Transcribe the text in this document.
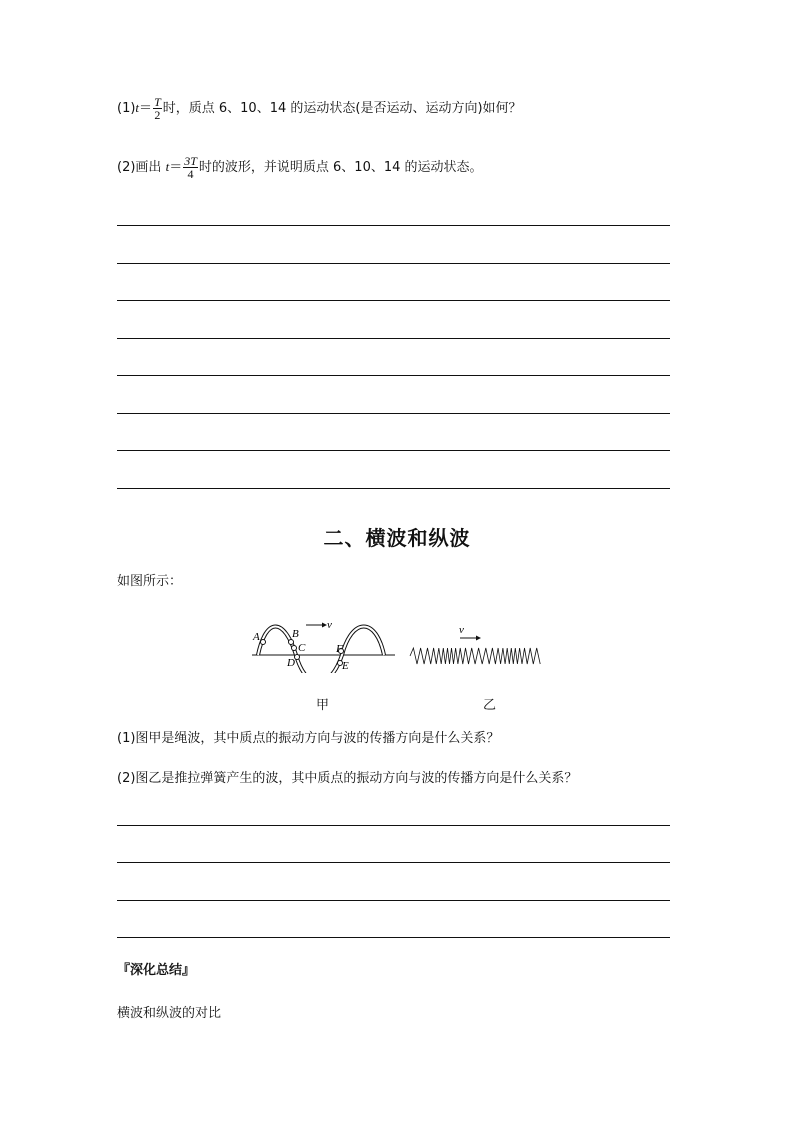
$(1)t= \frac{T}{2}$ 时，质点 6、10、14 的运动状态(是否运动、运动方向)如何？
(2)画出 $t= \frac{3T}{4}$ 时的波形，并说明质点 6、10、14 的运动状态。
二、横波和纵波
如图所示：
A	B
C
D
F
E
v	v
甲	乙
(1)图甲是绳波，其中质点的振动方向与波的传播方向是什么关系？
(2)图乙是推拉弹簧产生的波，其中质点的振动方向与波的传播方向是什么关系？
『深化总结』
横波和纵波的对比
